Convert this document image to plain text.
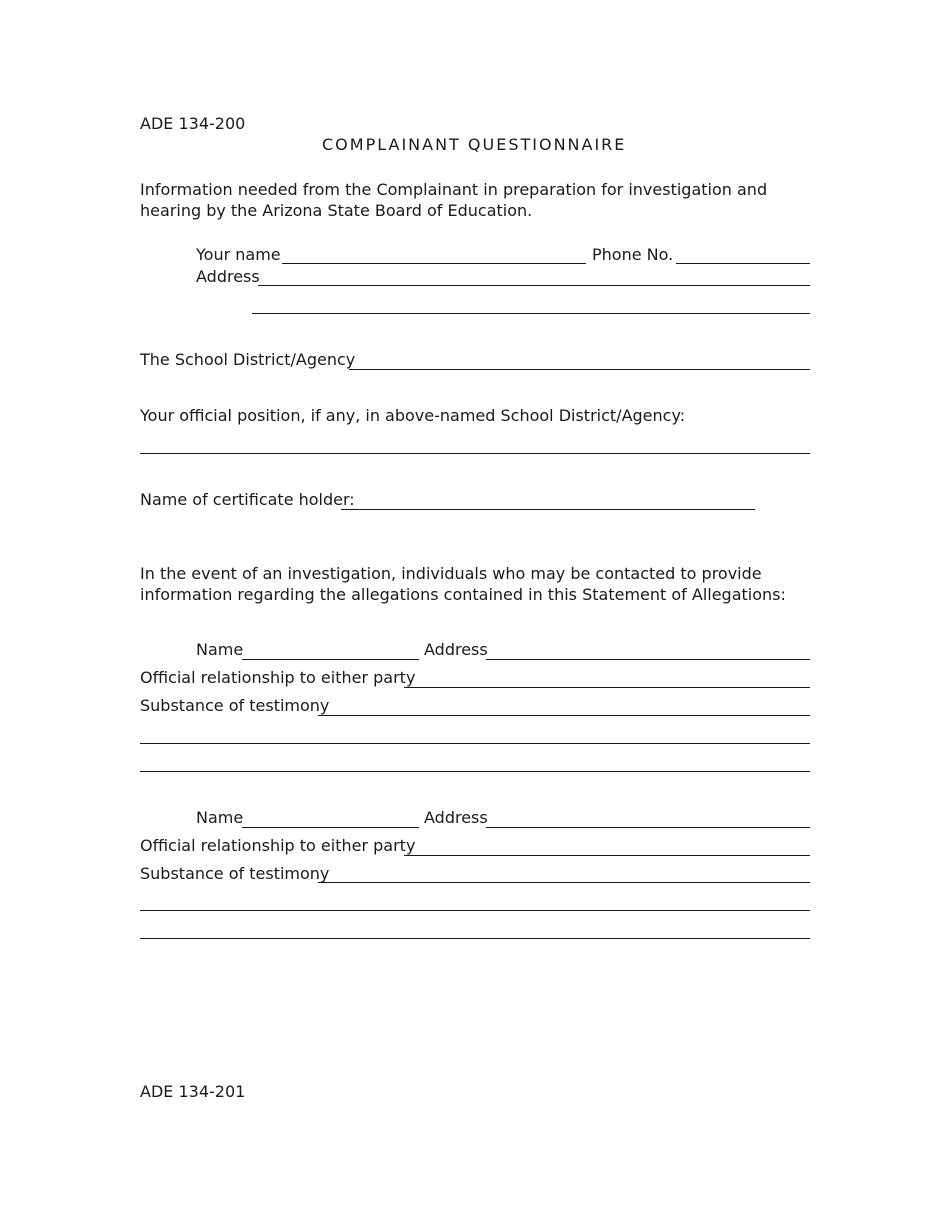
ADE 134-200
COMPLAINANT QUESTIONNAIRE
Information needed from the Complainant in preparation for investigation and hearing by the Arizona State Board of Education.
Your name	Phone No.
Address
The School District/Agency
Your official position, if any, in above-named School District/Agency:
Name of certificate holder:
In the event of an investigation, individuals who may be contacted to provide information regarding the allegations contained in this Statement of Allegations:
Name	Address
Official relationship to either party
Substance of testimony
Name	Address
Official relationship to either party
Substance of testimony
ADE 134-201
